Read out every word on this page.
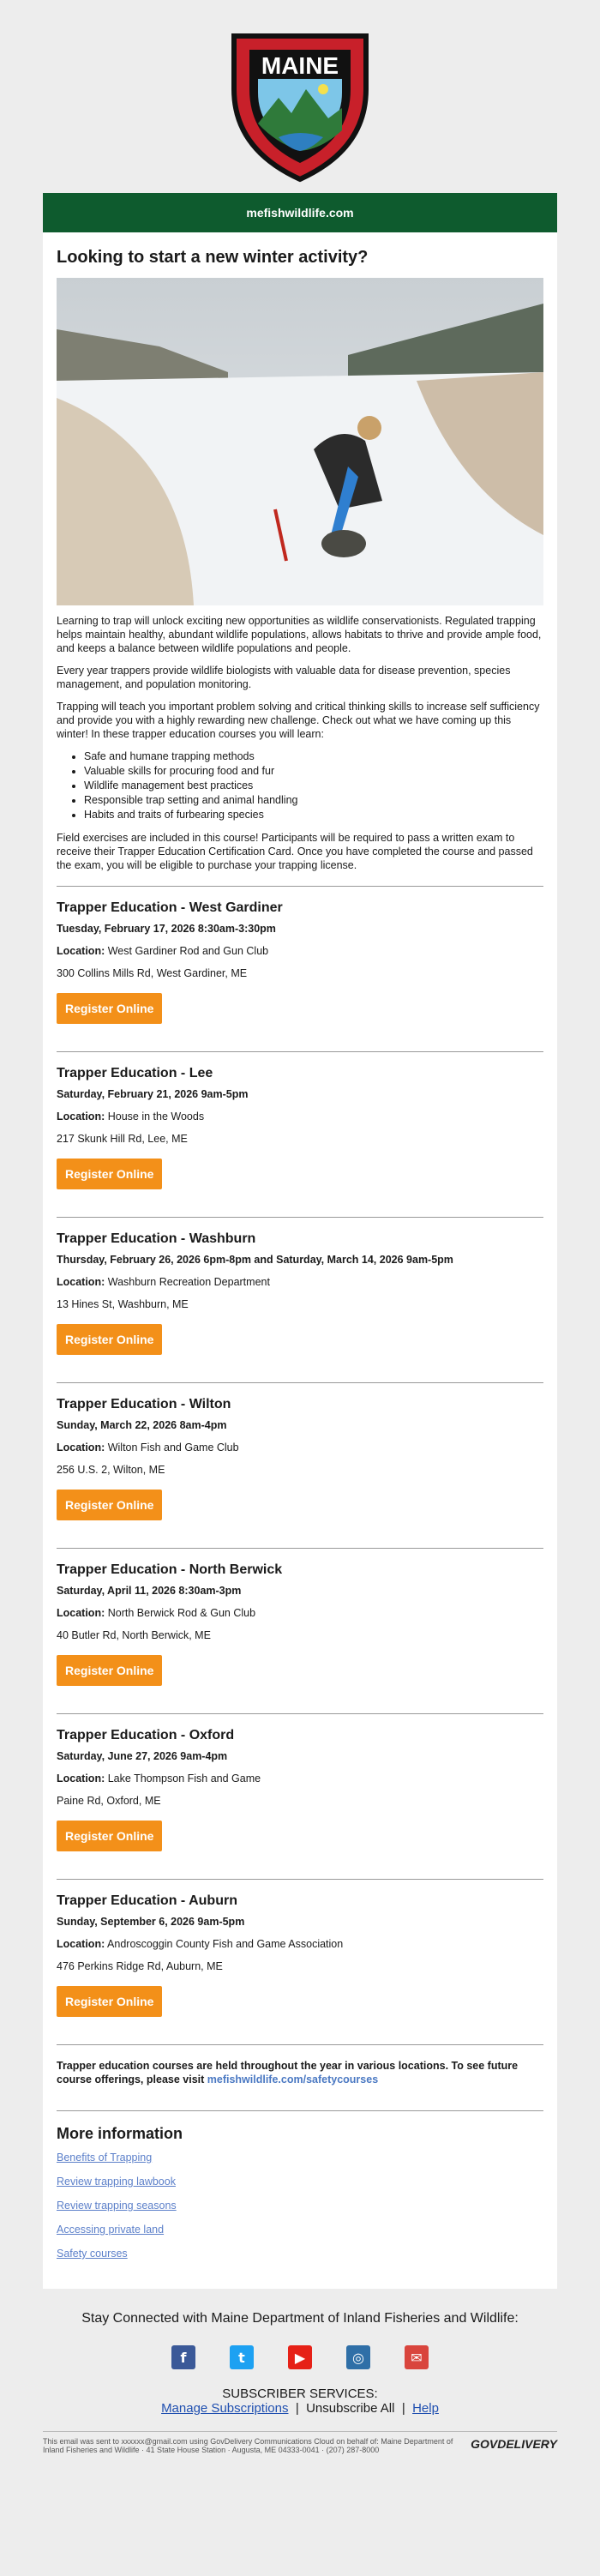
MAINE
mefishwildlife.com
Looking to start a new winter activity?

Learning to trap will unlock exciting new opportunities as wildlife conservationists. Regulated trapping helps maintain healthy, abundant wildlife populations, allows habitats to thrive and provide ample food, and keeps a balance between wildlife populations and people.

Every year trappers provide wildlife biologists with valuable data for disease prevention, species management, and population monitoring.

Trapping will teach you important problem solving and critical thinking skills to increase self sufficiency and provide you with a highly rewarding new challenge. Check out what we have coming up this winter! In these trapper education courses you will learn:

• Safe and humane trapping methods
• Valuable skills for procuring food and fur
• Wildlife management best practices
• Responsible trap setting and animal handling
• Habits and traits of furbearing species

Field exercises are included in this course! Participants will be required to pass a written exam to receive their Trapper Education Certification Card. Once you have completed the course and passed the exam, you will be eligible to purchase your trapping license.

Trapper Education - West Gardiner
Tuesday, February 17, 2026 8:30am-3:30pm
Location: West Gardiner Rod and Gun Club
300 Collins Mills Rd, West Gardiner, ME
Register Online
Trapper Education - Lee
Saturday, February 21, 2026 9am-5pm
Location: House in the Woods
217 Skunk Hill Rd, Lee, ME
Register Online
Trapper Education - Washburn
Thursday, February 26, 2026 6pm-8pm and Saturday, March 14, 2026 9am-5pm
Location: Washburn Recreation Department
13 Hines St, Washburn, ME
Register Online
Trapper Education - Wilton
Sunday, March 22, 2026 8am-4pm
Location: Wilton Fish and Game Club
256 U.S. 2, Wilton, ME
Register Online
Trapper Education - North Berwick
Saturday, April 11, 2026 8:30am-3pm
Location: North Berwick Rod & Gun Club
40 Butler Rd, North Berwick, ME
Register Online
Trapper Education - Oxford
Saturday, June 27, 2026 9am-4pm
Location: Lake Thompson Fish and Game
Paine Rd, Oxford, ME
Register Online
Trapper Education - Auburn
Sunday, September 6, 2026 9am-5pm
Location: Androscoggin County Fish and Game Association
476 Perkins Ridge Rd, Auburn, ME
Register Online
Trapper education courses are held throughout the year in various locations. To see future course offerings, please visit mefishwildlife.com/safetycourses
More information
Benefits of Trapping
Review trapping lawbook
Review trapping seasons
Accessing private land
Safety courses
Stay Connected with Maine Department of Inland Fisheries and Wildlife:
f	t	▶	◎	✉
SUBSCRIBER SERVICES:
Manage Subscriptions | Unsubscribe All | Help
This email was sent to xxxxxx@gmail.com using GovDelivery Communications Cloud on behalf of: Maine Department of Inland Fisheries and Wildlife · 41 State House Station · Augusta, ME 04333-0041 · (207) 287-8000	GOVDELIVERY
